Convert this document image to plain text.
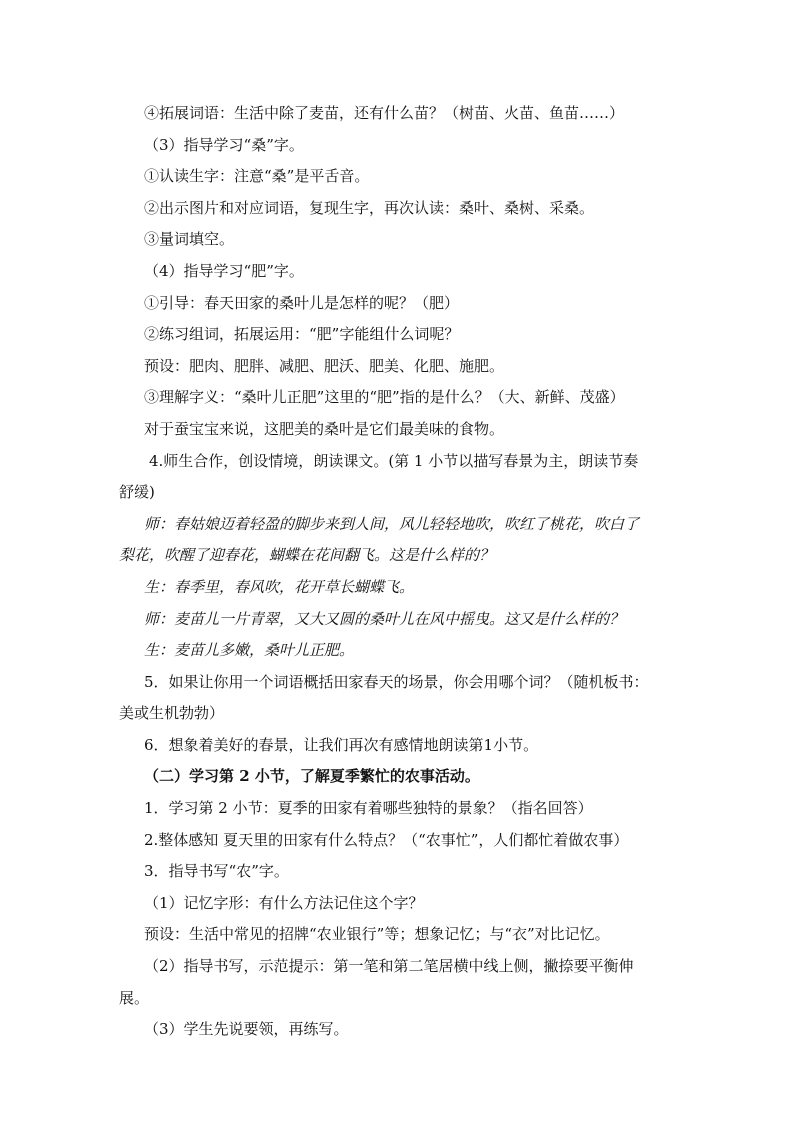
④拓展词语：生活中除了麦苗，还有什么苗？（树苗、火苗、鱼苗……）
（3）指导学习“桑”字。
①认读生字：注意“桑”是平舌音。
②出示图片和对应词语，复现生字，再次认读：桑叶、桑树、采桑。
③量词填空。
（4）指导学习“肥”字。
①引导：春天田家的桑叶儿是怎样的呢？（肥）
②练习组词，拓展运用：“肥”字能组什么词呢？
预设：肥肉、肥胖、减肥、肥沃、肥美、化肥、施肥。
③理解字义：“桑叶儿正肥”这里的“肥”指的是什么？（大、新鲜、茂盛）
对于蚕宝宝来说，这肥美的桑叶是它们最美味的食物。
4.师生合作，创设情境，朗读课文。(第 1 小节以描写春景为主，朗读节奏
舒缓)
师：春姑娘迈着轻盈的脚步来到人间，风儿轻轻地吹，吹红了桃花，吹白了
梨花，吹醒了迎春花，蝴蝶在花间翻飞。这是什么样的？
生：春季里，春风吹，花开草长蝴蝶飞。
师：麦苗儿一片青翠，又大又圆的桑叶儿在风中摇曳。这又是什么样的？
生：麦苗儿多嫩，桑叶儿正肥。
5．如果让你用一个词语概括田家春天的场景，你会用哪个词？（随机板书：
美或生机勃勃）
6．想象着美好的春景，让我们再次有感情地朗读第1小节。
（二）学习第 2 小节，了解夏季繁忙的农事活动。
1．学习第 2 小节：夏季的田家有着哪些独特的景象？（指名回答）
2.整体感知 夏天里的田家有什么特点？（“农事忙”，人们都忙着做农事）
3．指导书写“农”字。
（1）记忆字形：有什么方法记住这个字？
预设：生活中常见的招牌“农业银行”等；想象记忆；与“衣”对比记忆。
（2）指导书写，示范提示：第一笔和第二笔居横中线上侧，撇捺要平衡伸
展。
（3）学生先说要领，再练写。
